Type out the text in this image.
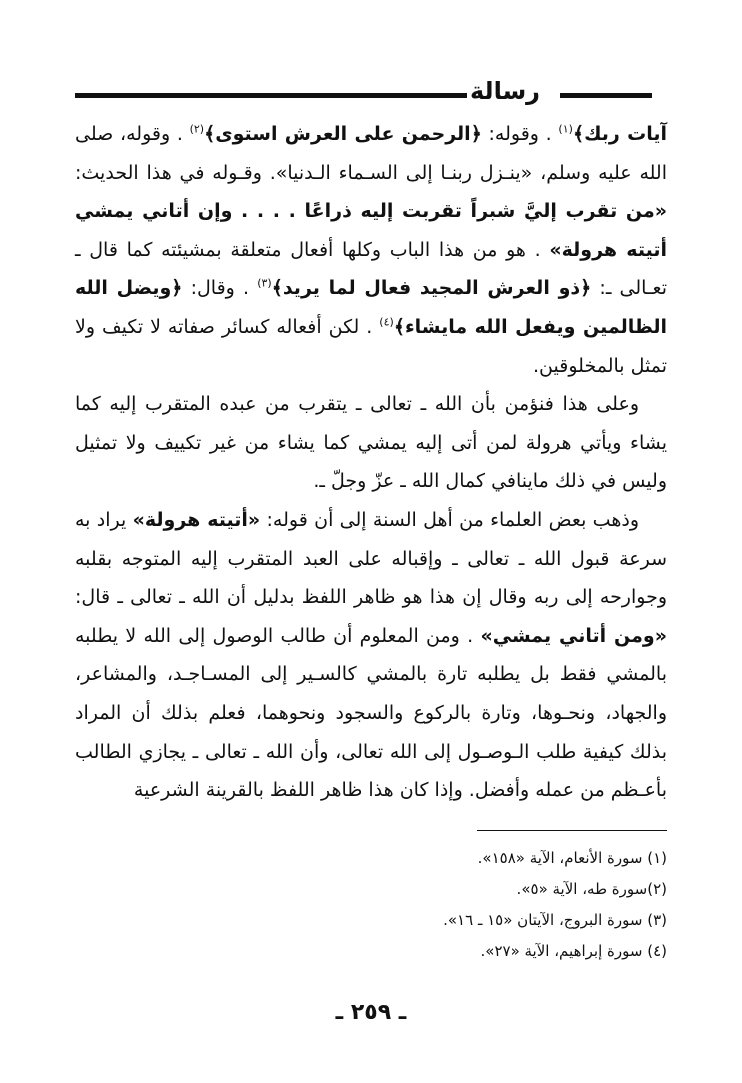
رسالة

آيات ربك﴾$^{(١)}$ . وقوله: ﴿الرحمن على العرش استوى﴾$^{(٢)}$ . وقوله، صلى الله عليه وسلم، «ينـزل ربنـا إلى السـماء الـدنيا». وقـوله في هذا الحديث: «من تقرب إليَّ شبراً تقربت إليه ذراعًا . . . . وإن أتاني يمشي أتيته هرولة» . هو من هذا الباب وكلها أفعال متعلقة بمشيئته كما قال ـ تعـالى ـ: ﴿ذو العرش المجيد فعال لما يريد﴾$^{(٣)}$ . وقال: ﴿ويضل الله الظالمين ويفعل الله مايشاء﴾$^{(٤)}$ . لكن أفعاله كسائر صفاته لا تكيف ولا تمثل بالمخلوقين.

وعلى هذا فنؤمن بأن الله ـ تعالى ـ يتقرب من عبده المتقرب إليه كما يشاء ويأتي هرولة لمن أتى إليه يمشي كما يشاء من غير تكييف ولا تمثيل وليس في ذلك ماينافي كمال الله ـ عزّ وجلّ ـ.

وذهب بعض العلماء من أهل السنة إلى أن قوله: «أتيته هرولة» يراد به سرعة قبول الله ـ تعالى ـ وإقباله على العبد المتقرب إليه المتوجه بقلبه وجوارحه إلى ربه وقال إن هذا هو ظاهر اللفظ بدليل أن الله ـ تعالى ـ قال: «ومن أتاني يمشي» . ومن المعلوم أن طالب الوصول إلى الله لا يطلبه بالمشي فقط بل يطلبه تارة بالمشي كالسـير إلى المسـاجـد، والمشاعر، والجهاد، ونحـوها، وتارة بالركوع والسجود ونحوهما، فعلم بذلك أن المراد بذلك كيفية طلب الـوصـول إلى الله تعالى، وأن الله ـ تعالى ـ يجازي الطالب بأعـظم من عمله وأفضل. وإذا كان هذا ظاهر اللفظ بالقرينة الشرعية

(١) سورة الأنعام، الآية «١٥٨».
(٢)سورة طه، الآية «٥».
(٣) سورة البروج، الآيتان «١٥ ـ ١٦».
(٤) سورة إبراهيم، الآية «٢٧».
ـ ٢٥٩ ـ
